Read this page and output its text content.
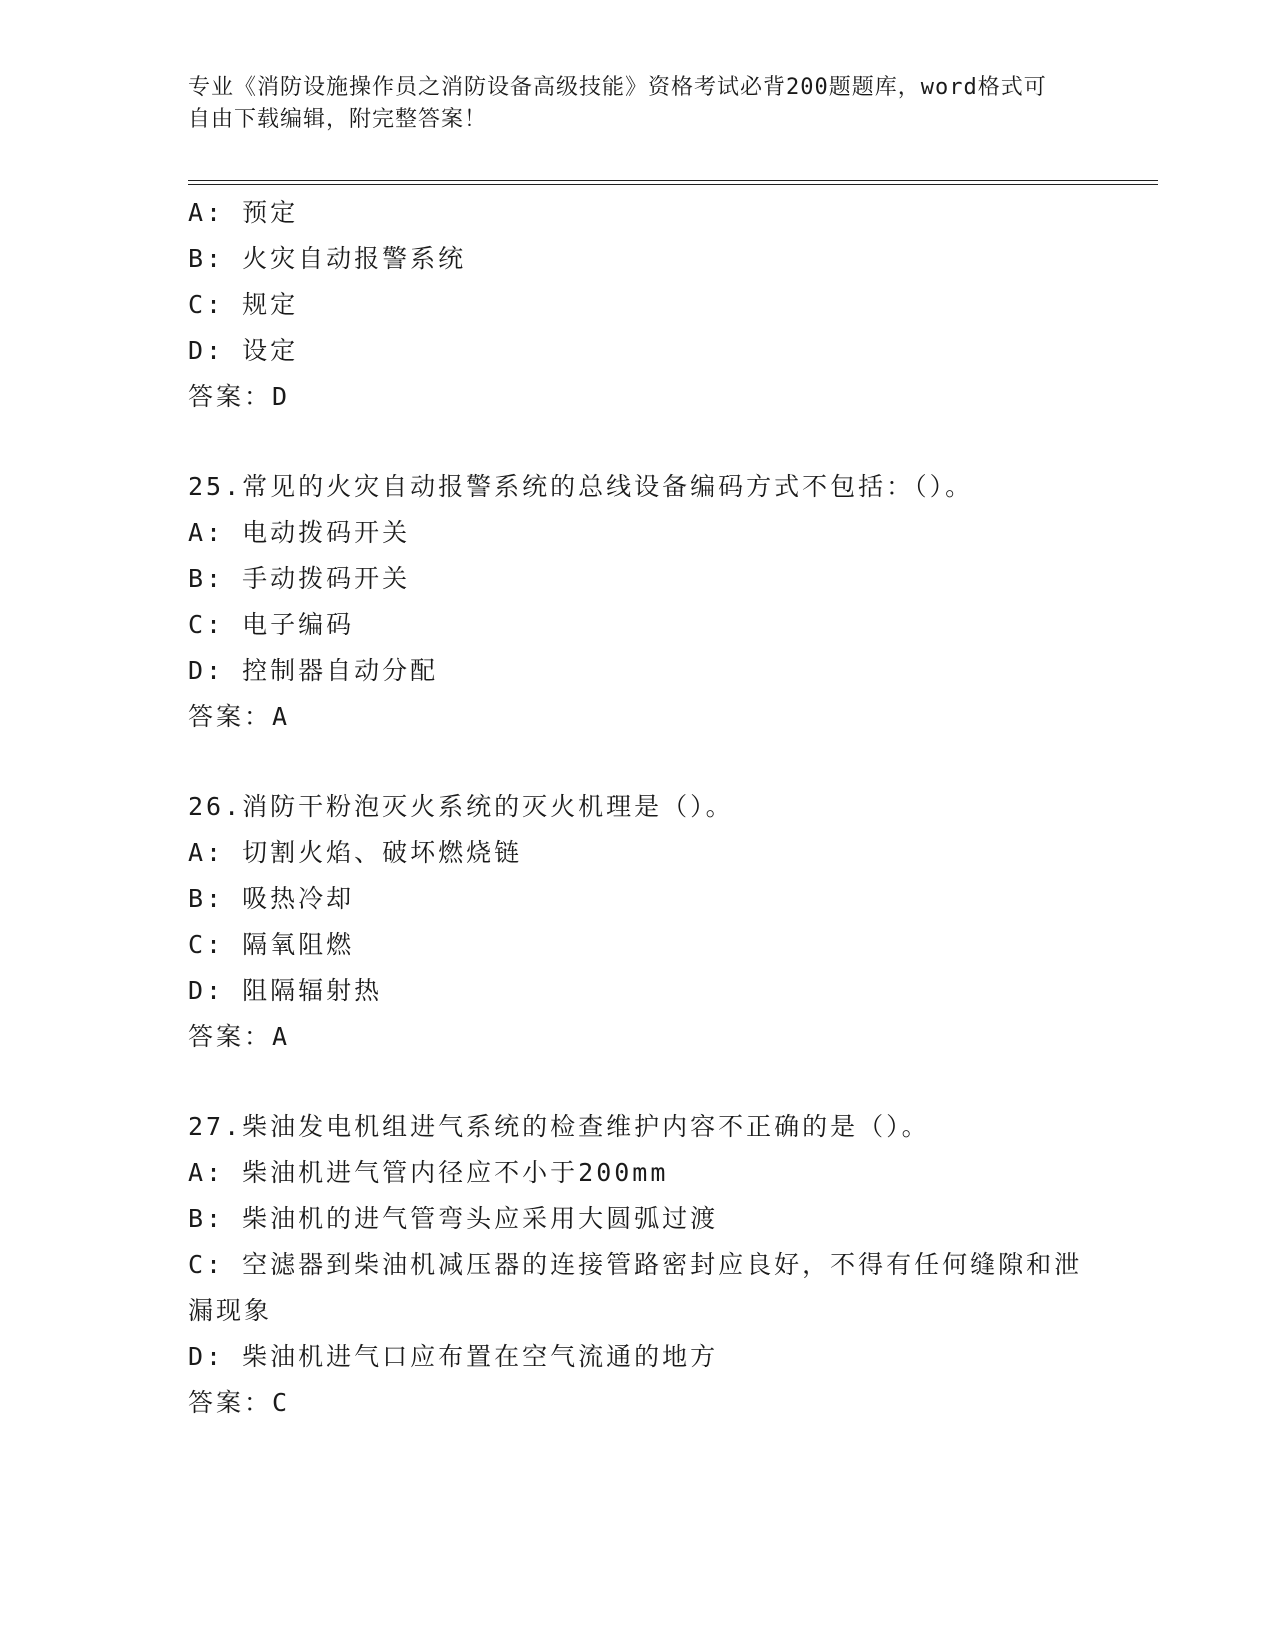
专业《消防设施操作员之消防设备高级技能》资格考试必背200题题库，word格式可自由下载编辑，附完整答案！
A: 预定
B: 火灾自动报警系统
C: 规定
D: 设定
答案：D
25.常见的火灾自动报警系统的总线设备编码方式不包括：（）。
A: 电动拨码开关
B: 手动拨码开关
C: 电子编码
D: 控制器自动分配
答案：A
26.消防干粉泡灭火系统的灭火机理是（）。
A: 切割火焰、破坏燃烧链
B: 吸热冷却
C: 隔氧阻燃
D: 阻隔辐射热
答案：A
27.柴油发电机组进气系统的检查维护内容不正确的是（）。
A: 柴油机进气管内径应不小于200mm
B: 柴油机的进气管弯头应采用大圆弧过渡
C: 空滤器到柴油机减压器的连接管路密封应良好，不得有任何缝隙和泄漏现象
D: 柴油机进气口应布置在空气流通的地方
答案：C
